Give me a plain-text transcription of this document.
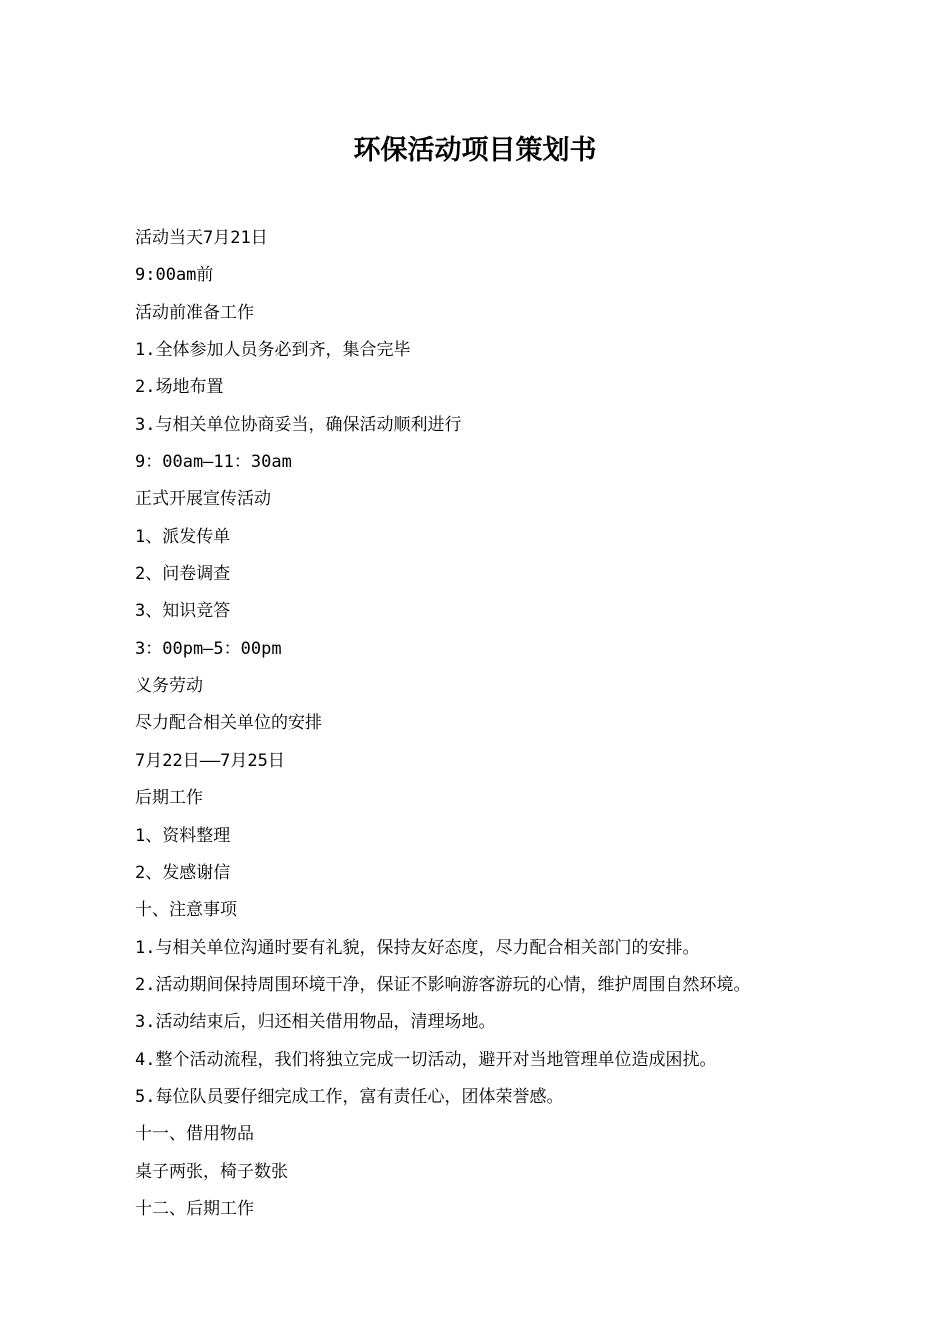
环保活动项目策划书
活动当天7月21日
9:00am前
活动前准备工作
1.全体参加人员务必到齐，集合完毕
2.场地布置
3.与相关单位协商妥当，确保活动顺利进行
9：00am—11：30am
正式开展宣传活动
1、派发传单
2、问卷调查
3、知识竞答
3：00pm—5：00pm
义务劳动
尽力配合相关单位的安排
7月22日——7月25日
后期工作
1、资料整理
2、发感谢信
十、注意事项
1.与相关单位沟通时要有礼貌，保持友好态度，尽力配合相关部门的安排。
2.活动期间保持周围环境干净，保证不影响游客游玩的心情，维护周围自然环境。
3.活动结束后，归还相关借用物品，清理场地。
4.整个活动流程，我们将独立完成一切活动，避开对当地管理单位造成困扰。
5.每位队员要仔细完成工作，富有责任心，团体荣誉感。
十一、借用物品
桌子两张，椅子数张
十二、后期工作
